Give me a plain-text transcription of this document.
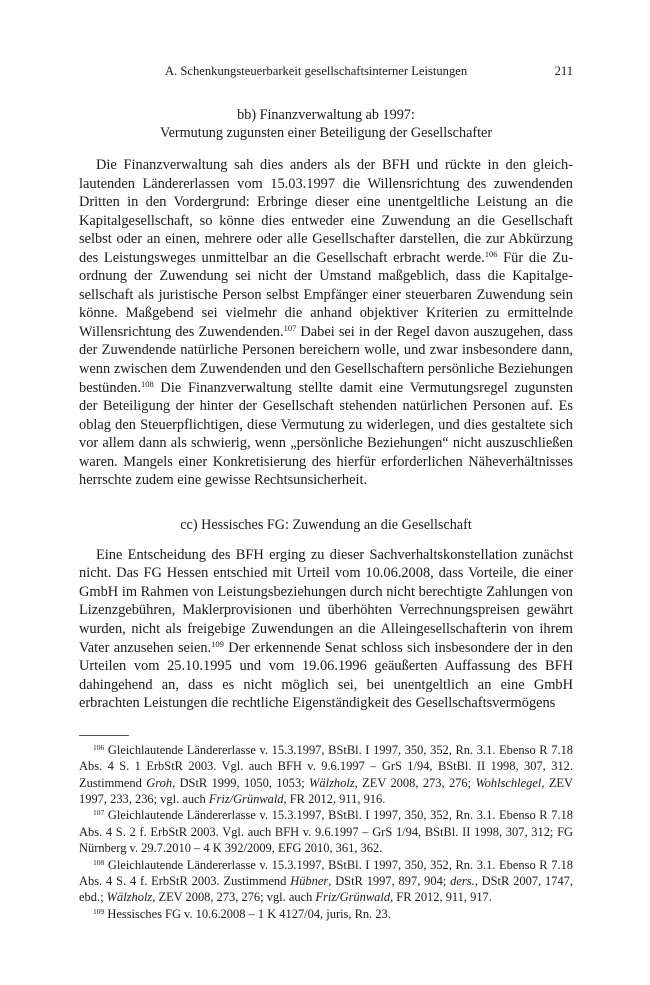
A. Schenkungsteuerbarkeit gesellschaftsinterner Leistungen	211
bb) Finanzverwaltung ab 1997:
Vermutung zugunsten einer Beteiligung der Gesellschafter

Die Finanzverwaltung sah dies anders als der BFH und rückte in den gleichlautenden Ländererlassen vom 15.03.1997 die Willensrichtung des zuwendenden Dritten in den Vordergrund: Erbringe dieser eine unentgeltliche Leistung an die Kapitalgesellschaft, so könne dies entweder eine Zuwendung an die Gesellschaft selbst oder an einen, mehrere oder alle Gesellschafter darstellen, die zur Abkürzung des Leistungsweges unmittelbar an die Gesellschaft erbracht werde.$^{106}$ Für die Zuordnung der Zuwendung sei nicht der Umstand maßgeblich, dass die Kapitalgesellschaft als juristische Person selbst Empfänger einer steuerbaren Zuwendung sein könne. Maßgebend sei vielmehr die anhand objektiver Kriterien zu ermittelnde Willensrichtung des Zuwendenden.$^{107}$ Dabei sei in der Regel davon auszugehen, dass der Zuwendende natürliche Personen bereichern wolle, und zwar insbesondere dann, wenn zwischen dem Zuwendenden und den Gesellschaftern persönliche Beziehungen bestünden.$^{108}$ Die Finanzverwaltung stellte damit eine Vermutungsregel zugunsten der Beteiligung der hinter der Gesellschaft stehenden natürlichen Personen auf. Es oblag den Steuerpflichtigen, diese Vermutung zu widerlegen, und dies gestaltete sich vor allem dann als schwierig, wenn „persönliche Beziehungen“ nicht auszuschließen waren. Mangels einer Konkretisierung des hierfür erforderlichen Näheverhältnisses herrschte zudem eine gewisse Rechtsunsicherheit.

cc) Hessisches FG: Zuwendung an die Gesellschaft

Eine Entscheidung des BFH erging zu dieser Sachverhaltskonstellation zunächst nicht. Das FG Hessen entschied mit Urteil vom 10.06.2008, dass Vorteile, die einer GmbH im Rahmen von Leistungsbeziehungen durch nicht berechtigte Zahlungen von Lizenzgebühren, Maklerprovisionen und überhöhten Verrechnungspreisen gewährt wurden, nicht als freigebige Zuwendungen an die Alleingesellschafterin von ihrem Vater anzusehen seien.$^{109}$ Der erkennende Senat schloss sich insbesondere der in den Urteilen vom 25.10.1995 und vom 19.06.1996 geäußerten Auffassung des BFH dahingehend an, dass es nicht möglich sei, bei unentgeltlich an eine GmbH erbrachten Leistungen die rechtliche Eigenständigkeit des Gesellschaftsvermögens

$^{106}$ Gleichlautende Ländererlasse v. 15.3.1997, BStBl. I 1997, 350, 352, Rn. 3.1. Ebenso R 7.18 Abs. 4 S. 1 ErbStR 2003. Vgl. auch BFH v. 9.6.1997 – GrS 1/94, BStBl. II 1998, 307, 312. Zustimmend Groh, DStR 1999, 1050, 1053; Wälzholz, ZEV 2008, 273, 276; Wohlschlegel, ZEV 1997, 233, 236; vgl. auch Friz/Grünwald, FR 2012, 911, 916.

$^{107}$ Gleichlautende Ländererlasse v. 15.3.1997, BStBl. I 1997, 350, 352, Rn. 3.1. Ebenso R 7.18 Abs. 4 S. 2 f. ErbStR 2003. Vgl. auch BFH v. 9.6.1997 – GrS 1/94, BStBl. II 1998, 307, 312; FG Nürnberg v. 29.7.2010 – 4 K 392/2009, EFG 2010, 361, 362.

$^{108}$ Gleichlautende Ländererlasse v. 15.3.1997, BStBl. I 1997, 350, 352, Rn. 3.1. Ebenso R 7.18 Abs. 4 S. 4 f. ErbStR 2003. Zustimmend Hübner, DStR 1997, 897, 904; ders., DStR 2007, 1747, ebd.; Wälzholz, ZEV 2008, 273, 276; vgl. auch Friz/Grünwald, FR 2012, 911, 917.

$^{109}$ Hessisches FG v. 10.6.2008 – 1 K 4127/04, juris, Rn. 23.
